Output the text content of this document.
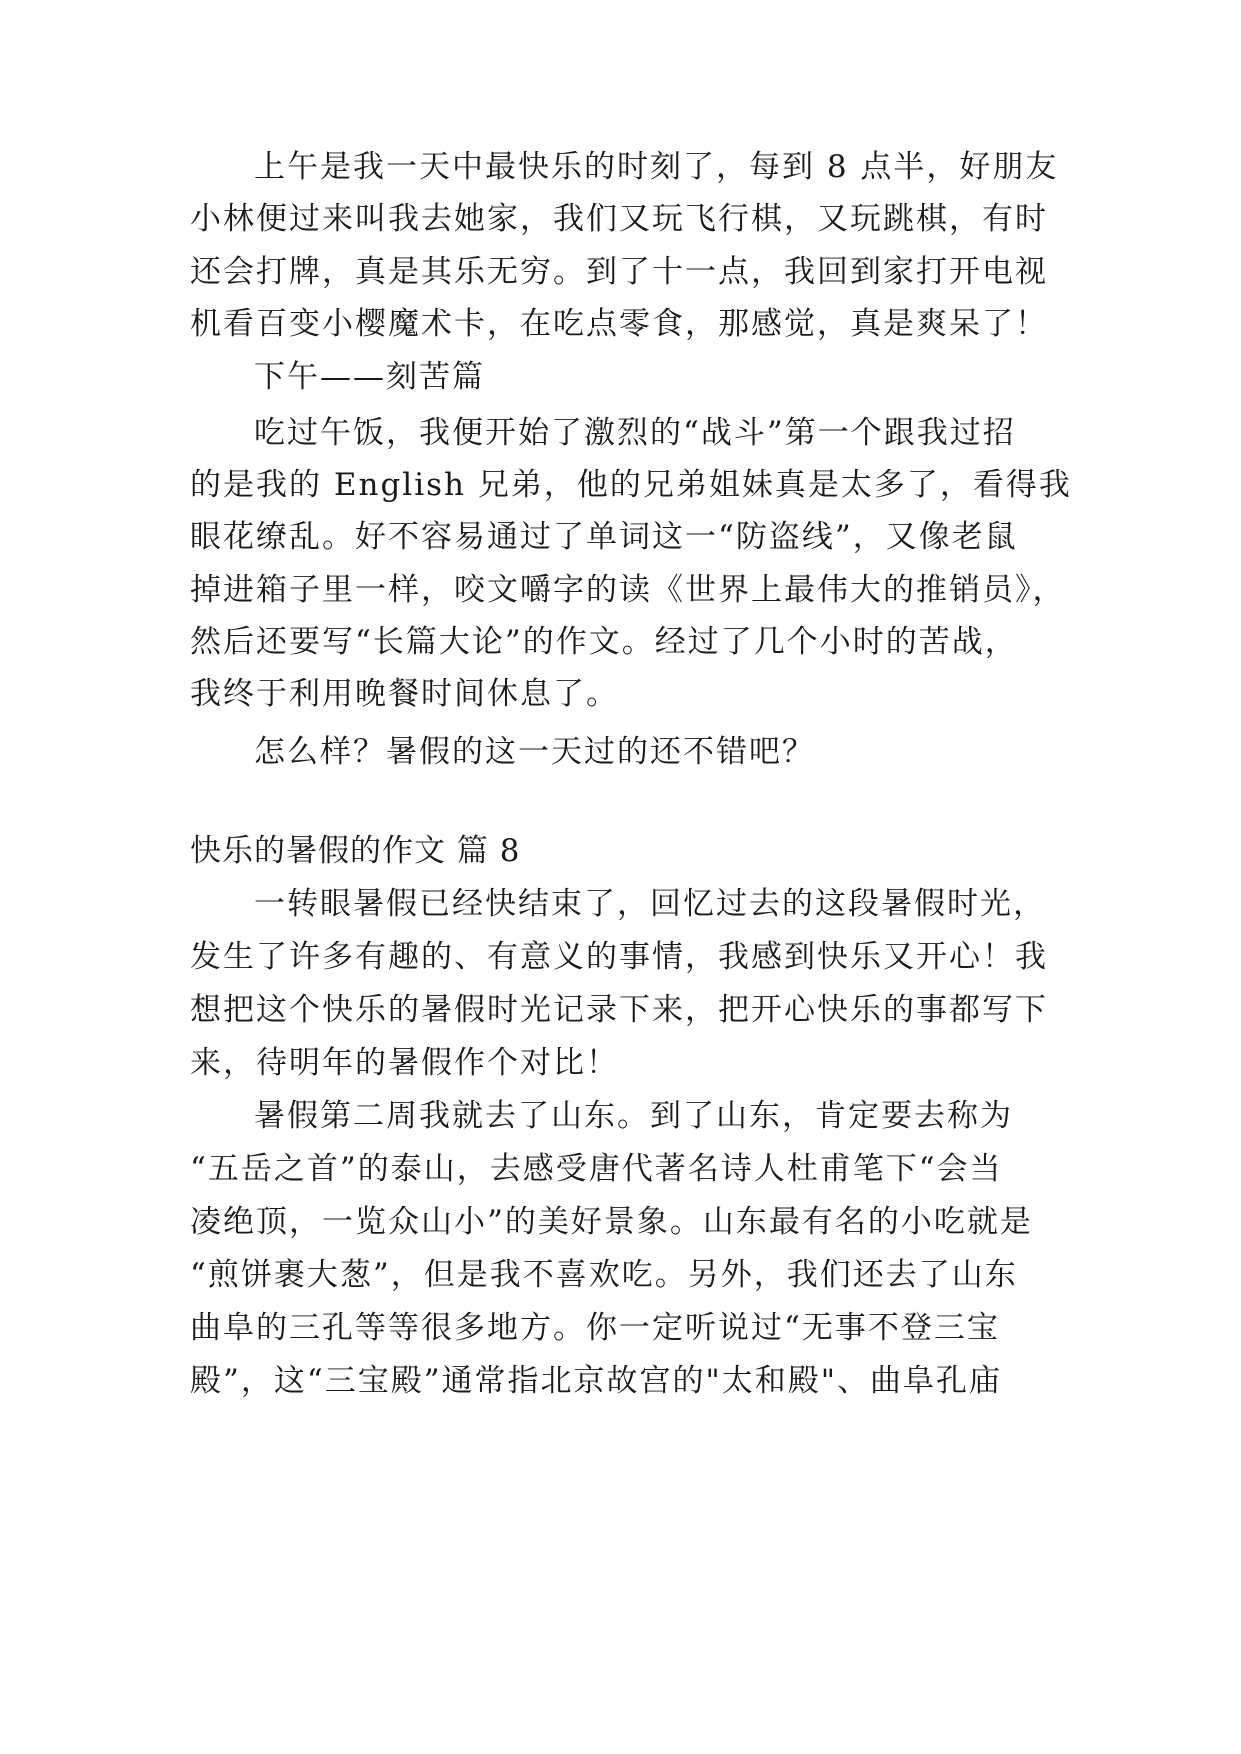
上午是我一天中最快乐的时刻了，每到 8 点半，好朋友
小林便过来叫我去她家，我们又玩飞行棋，又玩跳棋，有时
还会打牌，真是其乐无穷。到了十一点，我回到家打开电视
机看百变小樱魔术卡，在吃点零食，那感觉，真是爽呆了！
下午——刻苦篇
吃过午饭，我便开始了激烈的“战斗”第一个跟我过招
的是我的 English 兄弟，他的兄弟姐妹真是太多了，看得我
眼花缭乱。好不容易通过了单词这一“防盗线”，又像老鼠
掉进箱子里一样，咬文嚼字的读《世界上最伟大的推销员》，
然后还要写“长篇大论”的作文。经过了几个小时的苦战，
我终于利用晚餐时间休息了。
怎么样？暑假的这一天过的还不错吧？
快乐的暑假的作文 篇 8
一转眼暑假已经快结束了，回忆过去的这段暑假时光，
发生了许多有趣的、有意义的事情，我感到快乐又开心！我
想把这个快乐的暑假时光记录下来，把开心快乐的事都写下
来，待明年的暑假作个对比！
暑假第二周我就去了山东。到了山东，肯定要去称为
“五岳之首”的泰山，去感受唐代著名诗人杜甫笔下“会当
凌绝顶，一览众山小”的美好景象。山东最有名的小吃就是
“煎饼裹大葱”，但是我不喜欢吃。另外，我们还去了山东
曲阜的三孔等等很多地方。你一定听说过“无事不登三宝
殿”，这“三宝殿”通常指北京故宫的"太和殿"、曲阜孔庙
